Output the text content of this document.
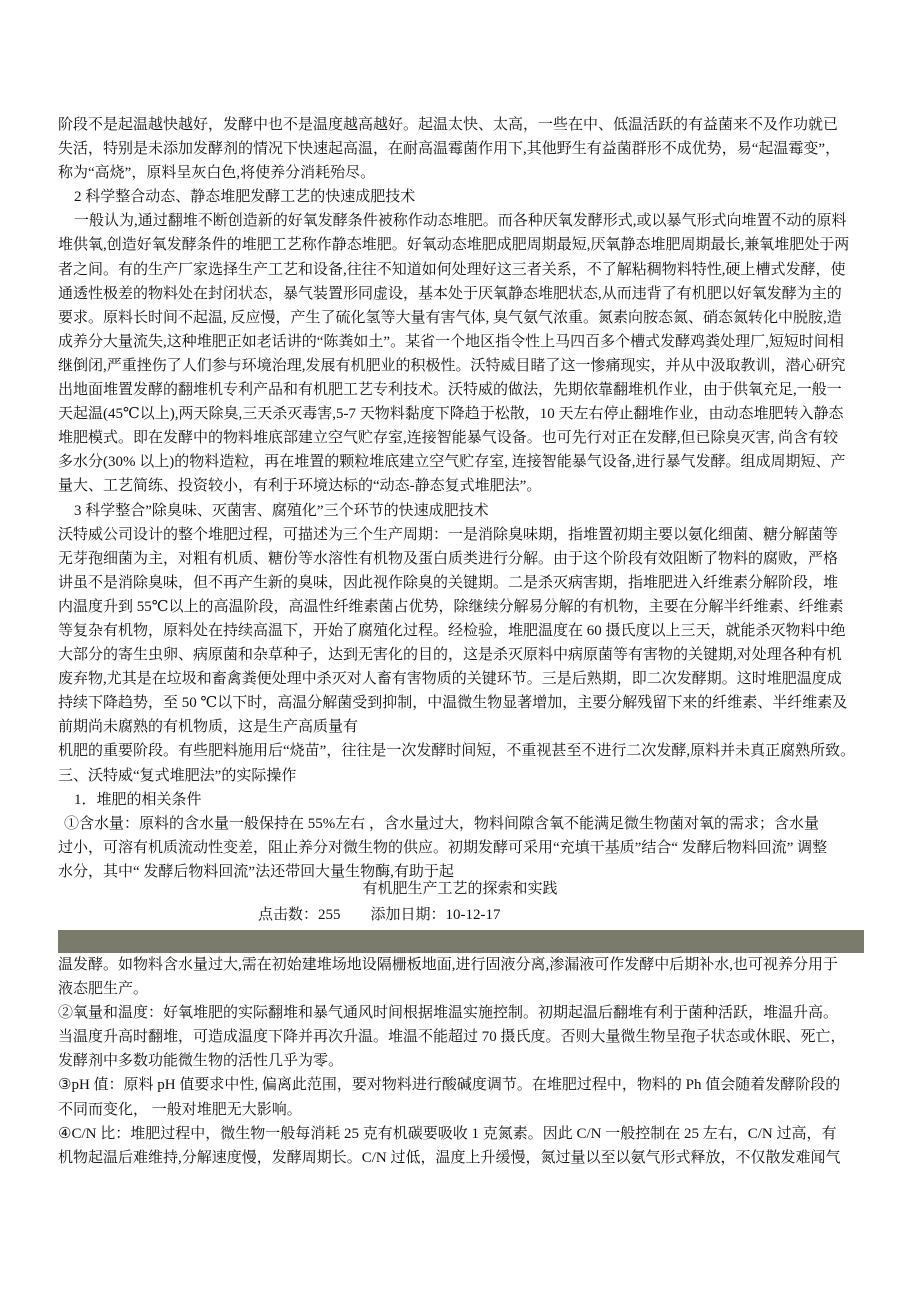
阶段不是起温越快越好，发酵中也不是温度越高越好。起温太快、太高，一些在中、低温活跃的有益菌来不及作功就已
失活，特别是未添加发酵剂的情况下快速起高温，在耐高温霉菌作用下,其他野生有益菌群形不成优势，易“起温霉变”，
称为“高烧”，原料呈灰白色,将使养分消耗殆尽。
2 科学整合动态、静态堆肥发酵工艺的快速成肥技术
一般认为,通过翻堆不断创造新的好氧发酵条件被称作动态堆肥。而各种厌氧发酵形式,或以暴气形式向堆置不动的原料
堆供氧,创造好氧发酵条件的堆肥工艺称作静态堆肥。好氧动态堆肥成肥周期最短,厌氧静态堆肥周期最长,兼氧堆肥处于两
者之间。有的生产厂家选择生产工艺和设备,往往不知道如何处理好这三者关系，不了解粘稠物料特性,硬上槽式发酵，使
通透性极差的物料处在封闭状态，暴气装置形同虚设，基本处于厌氧静态堆肥状态,从而违背了有机肥以好氧发酵为主的
要求。原料长时间不起温, 反应慢，产生了硫化氢等大量有害气体, 臭气氨气浓重。氮素向胺态氮、硝态氮转化中脱胺,造
成养分大量流失,这种堆肥正如老话讲的“陈粪如土”。某省一个地区指令性上马四百多个槽式发酵鸡粪处理厂,短短时间相
继倒闭,严重挫伤了人们参与环境治理,发展有机肥业的积极性。沃特威目睹了这一惨痛现实，并从中汲取教训，潜心研究
出地面堆置发酵的翻堆机专利产品和有机肥工艺专利技术。沃特威的做法，先期依靠翻堆机作业，由于供氧充足,一般一
天起温(45℃以上),两天除臭,三天杀灭毒害,5-7 天物料黏度下降趋于松散，10 天左右停止翻堆作业，由动态堆肥转入静态
堆肥模式。即在发酵中的物料堆底部建立空气贮存室,连接智能暴气设备。也可先行对正在发酵,但已除臭灭害, 尚含有较
多水分(30% 以上)的物料造粒，再在堆置的颗粒堆底建立空气贮存室, 连接智能暴气设备,进行暴气发酵。组成周期短、产
量大、工艺简练、投资较小，有利于环境达标的“动态-静态复式堆肥法”。
3 科学整合”除臭味、灭菌害、腐殖化”三个环节的快速成肥技术
沃特威公司设计的整个堆肥过程，可描述为三个生产周期：一是消除臭味期，指堆置初期主要以氨化细菌、糖分解菌等
无芽孢细菌为主，对粗有机质、糖份等水溶性有机物及蛋白质类进行分解。由于这个阶段有效阻断了物料的腐败，严格
讲虽不是消除臭味，但不再产生新的臭味，因此视作除臭的关键期。二是杀灭病害期，指堆肥进入纤维素分解阶段，堆
内温度升到 55℃以上的高温阶段，高温性纤维素菌占优势，除继续分解易分解的有机物，主要在分解半纤维素、纤维素
等复杂有机物，原料处在持续高温下，开始了腐殖化过程。经检验，堆肥温度在 60 摄氏度以上三天，就能杀灭物料中绝
大部分的寄生虫卵、病原菌和杂草种子，达到无害化的目的，这是杀灭原料中病原菌等有害物的关键期,对处理各种有机
废弃物,尤其是在垃圾和畜禽粪便处理中杀灭对人畜有害物质的关键环节。三是后熟期，即二次发酵期。这时堆肥温度成
持续下降趋势，至 50 ℃以下时，高温分解菌受到抑制，中温微生物显著增加，主要分解残留下来的纤维素、半纤维素及
前期尚未腐熟的有机物质，这是生产高质量有
机肥的重要阶段。有些肥料施用后“烧苗”，往往是一次发酵时间短，不重视甚至不进行二次发酵,原料并未真正腐熟所致。
三、沃特威“复式堆肥法”的实际操作
1．堆肥的相关条件
①含水量：原料的含水量一般保持在 55%左右 ，含水量过大，物料间隙含氧不能满足微生物菌对氧的需求；含水量
过小，可溶有机质流动性变差，阻止养分对微生物的供应。初期发酵可采用“充填干基质”结合“ 发酵后物料回流” 调整
水分，其中“ 发酵后物料回流”法还带回大量生物酶,有助于起
有机肥生产工艺的探索和实践
点击数：255 添加日期：10-12-17
温发酵。如物料含水量过大,需在初始建堆场地设隔栅板地面,进行固液分离,渗漏液可作发酵中后期补水,也可视养分用于
液态肥生产。
②氧量和温度：好氧堆肥的实际翻堆和暴气通风时间根据堆温实施控制。初期起温后翻堆有利于菌种活跃，堆温升高。
当温度升高时翻堆，可造成温度下降并再次升温。堆温不能超过 70 摄氏度。否则大量微生物呈孢子状态或休眠、死亡，
发酵剂中多数功能微生物的活性几乎为零。
③pH 值：原料 pH 值要求中性, 偏离此范围，要对物料进行酸碱度调节。在堆肥过程中，物料的 Ph 值会随着发酵阶段的
不同而变化， 一般对堆肥无大影响。
④C/N 比：堆肥过程中，微生物一般每消耗 25 克有机碳要吸收 1 克氮素。因此 C/N 一般控制在 25 左右，C/N 过高，有
机物起温后难维持,分解速度慢，发酵周期长。C/N 过低，温度上升缓慢，氮过量以至以氨气形式释放，不仅散发难闻气
